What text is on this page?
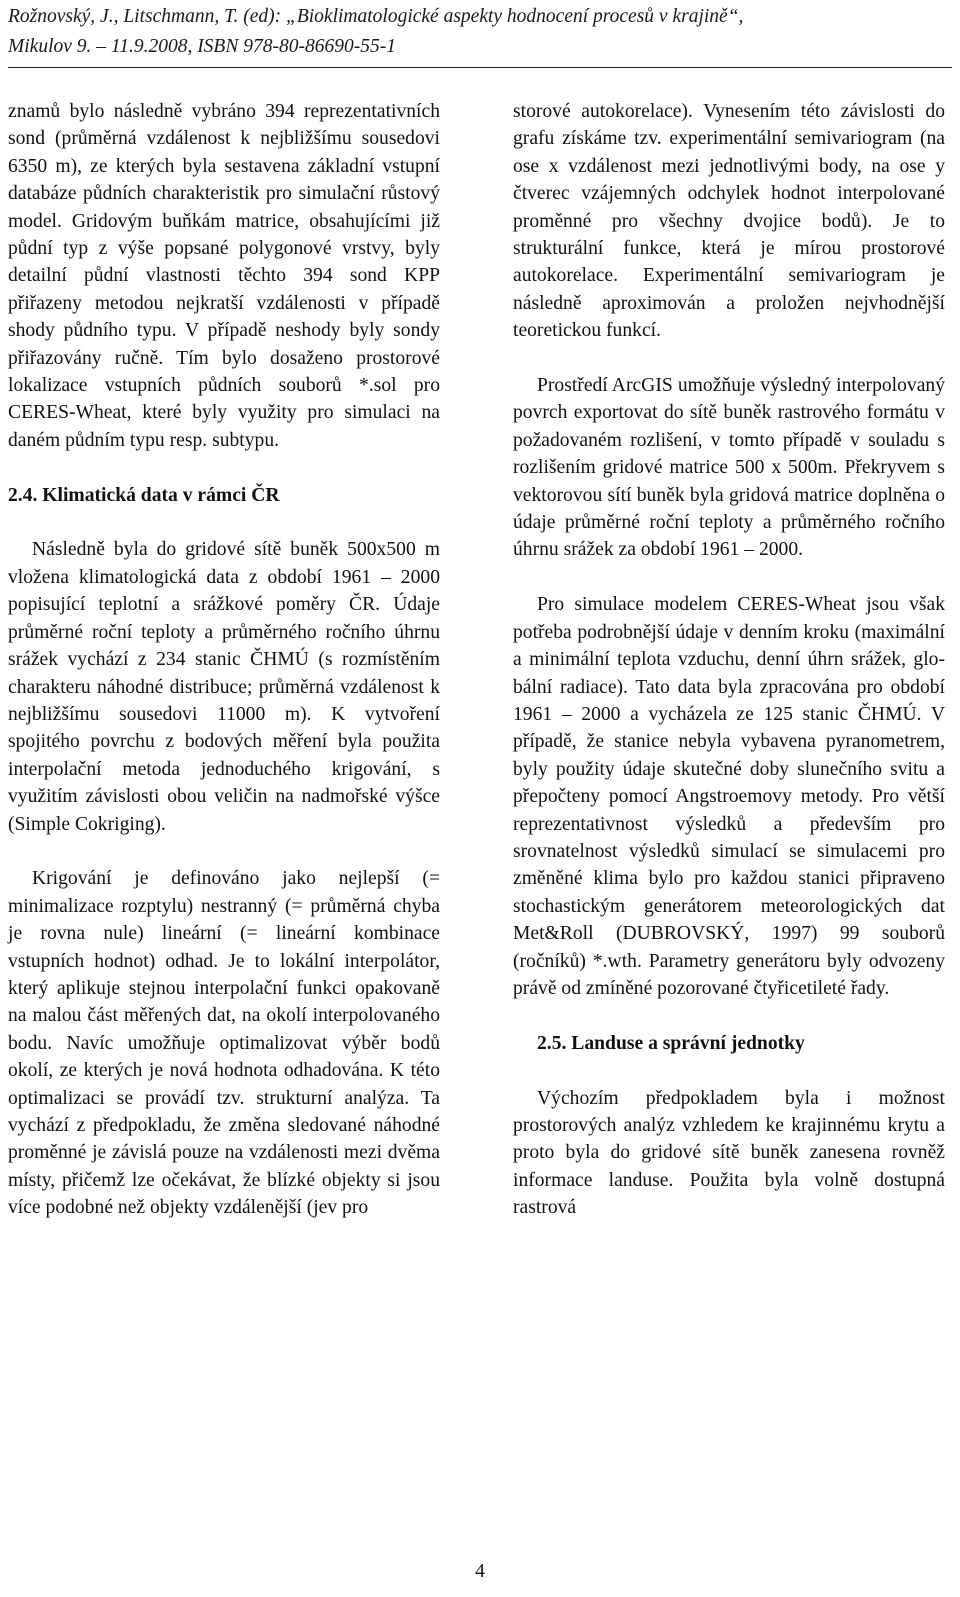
Rožnovský, J., Litschmann, T. (ed): „Bioklimatologické aspekty hodnocení procesů v krajině“,
Mikulov 9. – 11.9.2008, ISBN 978-80-86690-55-1

znamů bylo následně vybráno 394 reprezentativních sond (průměrná vzdálenost k nejbližšímu sousedovi 6350 m), ze kterých byla sestavena základní vstupní databáze půdních charakteristik pro simulační růstový model. Gridovým buňkám matrice, obsahujícími již půdní typ z výše popsané polygonové vrstvy, byly detailní půdní vlastnosti těchto 394 sond KPP přiřazeny metodou nejkratší vzdálenosti v případě shody půdního typu. V případě neshody byly sondy přiřazovány ručně. Tím bylo dosaženo prostorové lokalizace vstupních půdních souborů *.sol pro CERES-Wheat, které byly využity pro simulaci na daném půdním typu resp. subtypu.

2.4. Klimatická data v rámci ČR

Následně byla do gridové sítě buněk 500x500 m vložena klimatologická data z období 1961 – 2000 popisující teplotní a srážkové poměry ČR. Údaje průměrné roční teploty a průměrného ročního úhrnu srážek vychází z 234 stanic ČHMÚ (s rozmístěním charakteru náhodné distribuce; průměrná vzdálenost k nejbližšímu sousedovi 11000 m). K vytvoření spojitého povrchu z bodových měření byla použita interpolační metoda jednoduchého krigování, s využitím závislosti obou veličin na nadmořské výšce (Simple Cokriging).

Krigování je definováno jako nejlepší (= minimalizace rozptylu) nestranný (= průměrná chyba je rovna nule) lineární (= lineární kombinace vstupních hodnot) odhad. Je to lokální interpolátor, který aplikuje stejnou interpolační funkci opakovaně na malou část měřených dat, na okolí interpolovaného bodu. Navíc umožňuje optimalizovat výběr bodů okolí, ze kterých je nová hodnota odhadována. K této optimalizaci se provádí tzv. strukturní analýza. Ta vychází z předpokladu, že změna sledované náhodné proměnné je závislá pouze na vzdálenosti mezi dvěma místy, přičemž lze očekávat, že blízké objekty si jsou více podobné než objekty vzdálenější (jev pro

storové autokorelace). Vynesením této závislosti do grafu získáme tzv. experimentální semivariogram (na ose x vzdálenost mezi jednotlivými body, na ose y čtverec vzájemných odchylek hodnot interpolované proměnné pro všechny dvojice bodů). Je to strukturální funkce, která je mírou prostorové autokorelace. Experimentální semivariogram je následně aproximován a proložen nejvhodnější teoretickou funkcí.

Prostředí ArcGIS umožňuje výsledný interpolovaný povrch exportovat do sítě buněk rastrového formátu v požadovaném rozlišení, v tomto případě v souladu s rozlišením gridové matrice 500 x 500m. Překryvem s vektorovou sítí buněk byla gridová matrice doplněna o údaje průměrné roční teploty a průměrného ročního úhrnu srážek za období 1961 – 2000.

Pro simulace modelem CERES-Wheat jsou však potřeba podrobnější údaje v denním kroku (maximální a minimální teplota vzduchu, denní úhrn srážek, globální radiace). Tato data byla zpracována pro období 1961 – 2000 a vycházela ze 125 stanic ČHMÚ. V případě, že stanice nebyla vybavena pyranometrem, byly použity údaje skutečné doby slunečního svitu a přepočteny pomocí Angstroemovy metody. Pro větší reprezentativnost výsledků a především pro srovnatelnost výsledků simulací se simulacemi pro změněné klima bylo pro každou stanici připraveno stochastickým generátorem meteorologických dat Met&Roll (DUBROVSKÝ, 1997) 99 souborů (ročníků) *.wth. Parametry generátoru byly odvozeny právě od zmíněné pozorované čtyřicetileté řady.

2.5. Landuse a správní jednotky

Výchozím předpokladem byla i možnost prostorových analýz vzhledem ke krajinnému krytu a proto byla do gridové sítě buněk zanesena rovněž informace landuse. Použita byla volně dostupná rastrová

4
